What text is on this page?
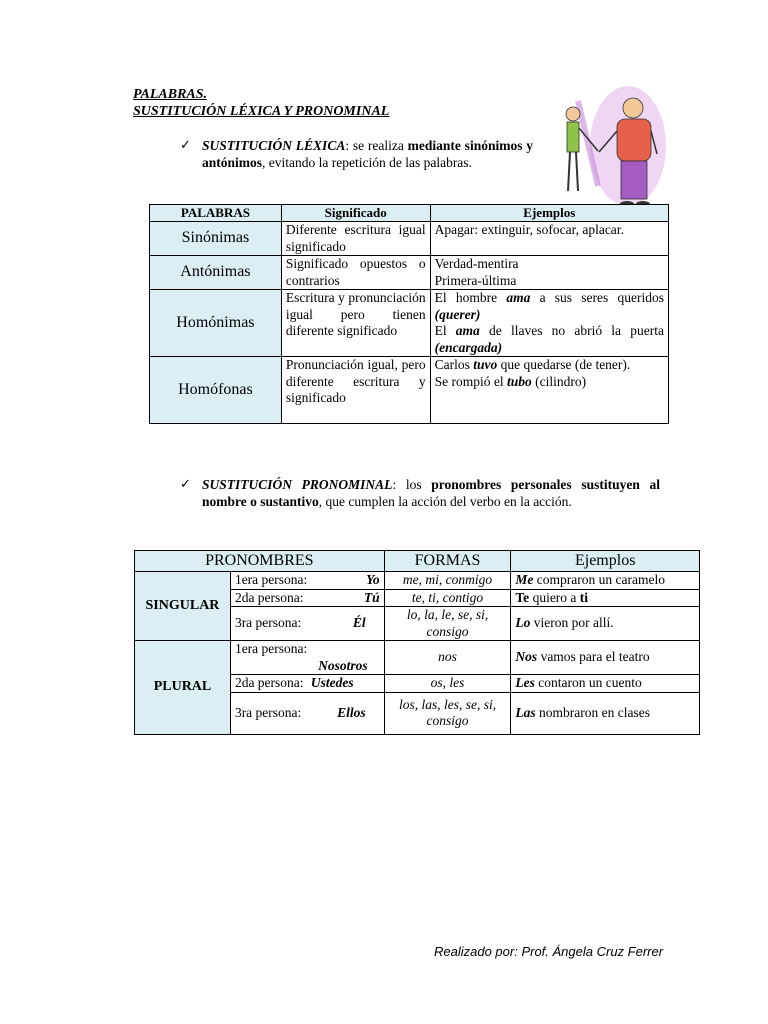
PALABRAS.
SUSTITUCIÓN LÉXICA Y PRONOMINAL
✓ SUSTITUCIÓN LÉXICA: se realiza mediante sinónimos y antónimos, evitando la repetición de las palabras.
PALABRAS	Significado	Ejemplos
Sinónimas	Diferente escritura igual significado	Apagar: extinguir, sofocar, aplacar.
Antónimas	Significado opuestos o contrarios	Verdad-mentira
Primera-última

Homónimas	Escritura y pronunciación igual pero tienen diferente significado	El hombre ama a sus seres queridos (querer)
El ama de llaves no abrió la puerta (encargada)

Homófonas	Pronunciación igual, pero diferente escritura y significado	Carlos tuvo que quedarse (de tener).
Se rompió el tubo (cilindro)
✓ SUSTITUCIÓN PRONOMINAL: los pronombres personales sustituyen al nombre o sustantivo, que cumplen la acción del verbo en la acción.
PRONOMBRES		FORMAS	Ejemplos
SINGULAR	1era persona: Yo	me, mi, conmigo	Me compraron un caramelo
	2da persona: Tú	te, ti, contigo	Te quiero a ti
	3ra persona: Él	lo, la, le, se, si, consigo	Lo vieron por allí.
PLURAL	1era persona:
Nosotros	nos	Nos vamos para el teatro
	2da persona: Ustedes	os, les	Les contaron un cuento
	3ra persona: Ellos	los, las, les, se, si, consigo	Las nombraron en clases
Realizado por: Prof. Ángela Cruz Ferrer
